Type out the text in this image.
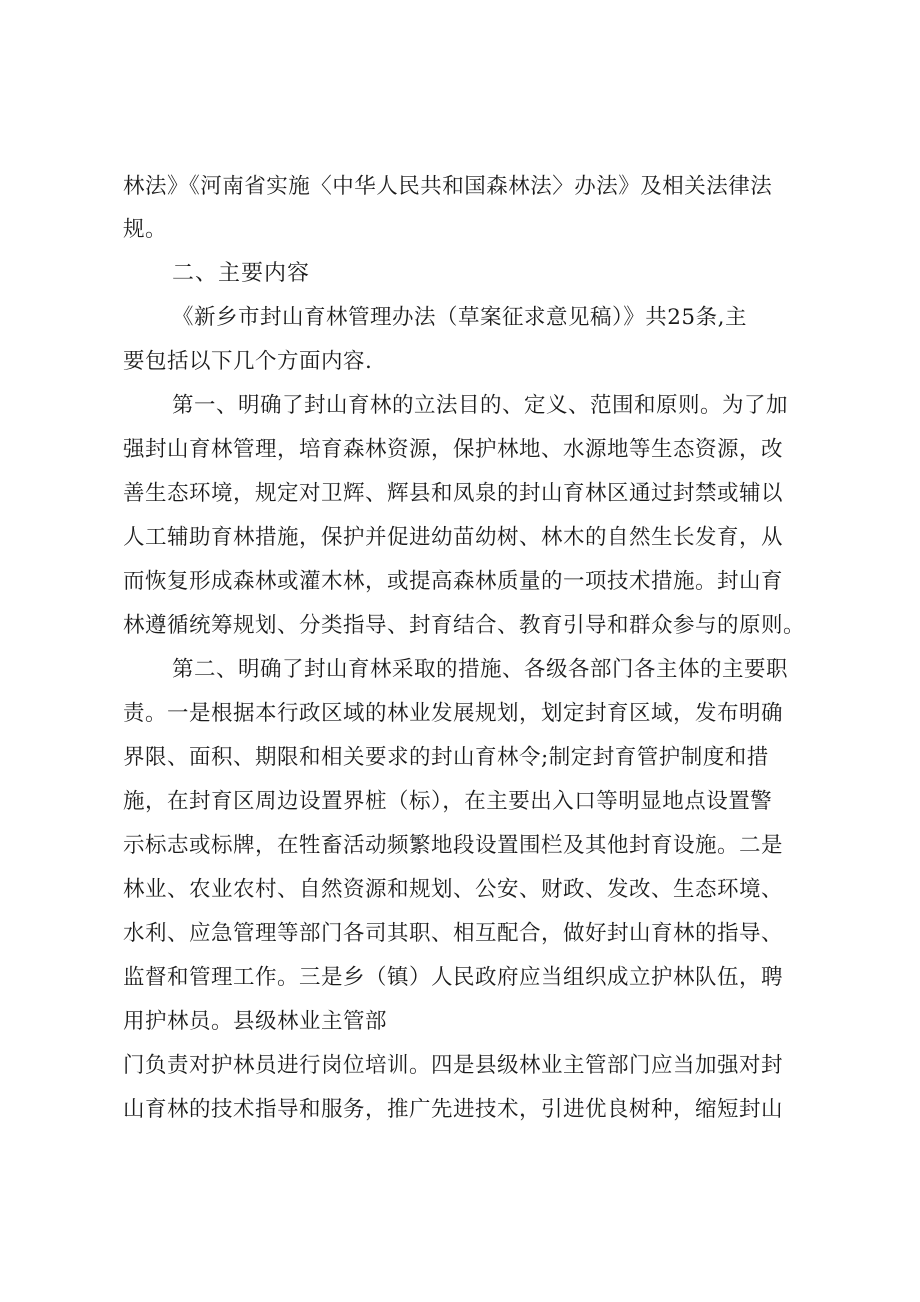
林法》《河南省实施〈中华人民共和国森林法〉办法》及相关法律法
规。
二、主要内容
《新乡市封山育林管理办法（草案征求意见稿）》共25条,主
要包括以下几个方面内容.
第一、明确了封山育林的立法目的、定义、范围和原则。为了加
强封山育林管理，培育森林资源，保护林地、水源地等生态资源，改
善生态环境，规定对卫辉、辉县和凤泉的封山育林区通过封禁或辅以
人工辅助育林措施，保护并促进幼苗幼树、林木的自然生长发育，从
而恢复形成森林或灌木林，或提高森林质量的一项技术措施。封山育
林遵循统筹规划、分类指导、封育结合、教育引导和群众参与的原则。
第二、明确了封山育林采取的措施、各级各部门各主体的主要职
责。一是根据本行政区域的林业发展规划，划定封育区域，发布明确
界限、面积、期限和相关要求的封山育林令;制定封育管护制度和措
施，在封育区周边设置界桩（标），在主要出入口等明显地点设置警
示标志或标牌，在牲畜活动频繁地段设置围栏及其他封育设施。二是
林业、农业农村、自然资源和规划、公安、财政、发改、生态环境、
水利、应急管理等部门各司其职、相互配合，做好封山育林的指导、
监督和管理工作。三是乡（镇）人民政府应当组织成立护林队伍，聘
用护林员。县级林业主管部
门负责对护林员进行岗位培训。四是县级林业主管部门应当加强对封
山育林的技术指导和服务，推广先进技术，引进优良树种，缩短封山
